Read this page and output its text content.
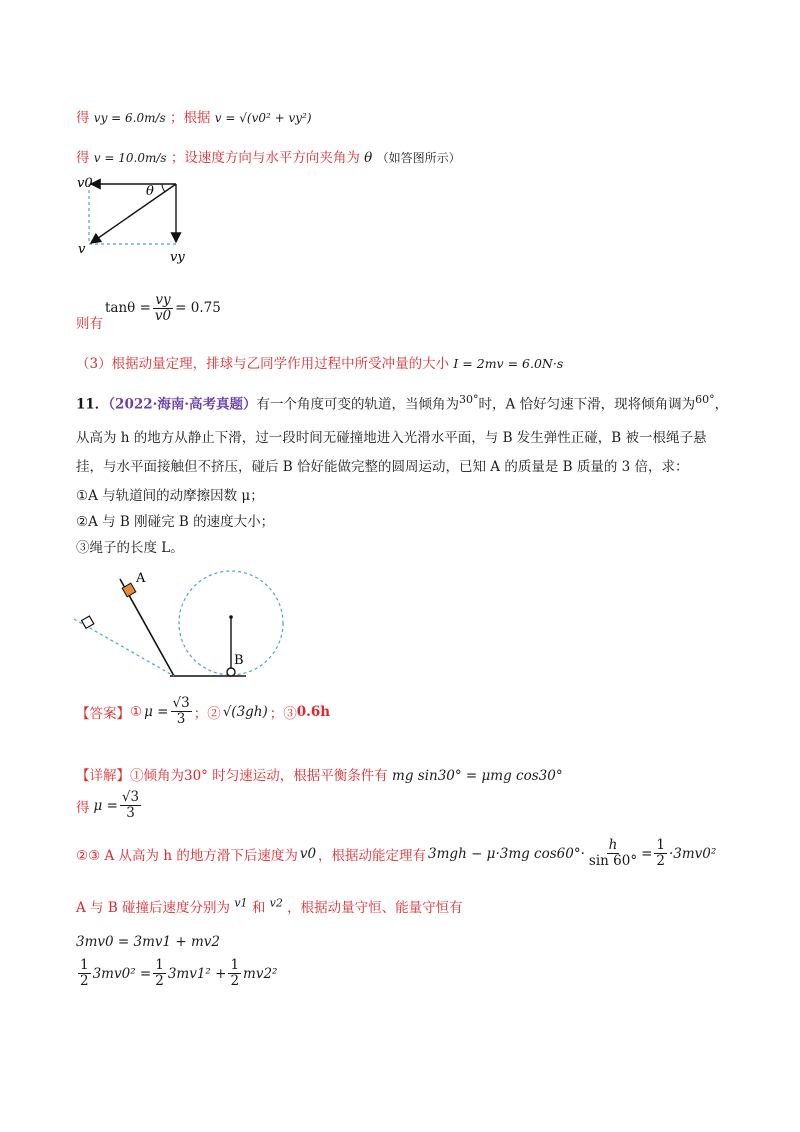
得 vy = 6.0m/s ；根据 v = √(v0² + vy²)
得 v = 10.0m/s ；设速度方向与水平方向夹角为 θ （如答图所示）
v0
θ
v
vy
则有
$\tan\theta = \frac{vy}{v0} = 0.75$
（3）根据动量定理，排球与乙同学作用过程中所受冲量的大小 I = 2mv = 6.0N·s
11．（2022·海南·高考真题）有一个角度可变的轨道，当倾角为$^{30^\circ}$时，A 恰好匀速下滑，现将倾角调为$^{60^\circ}$，
从高为 h 的地方从静止下滑，过一段时间无碰撞地进入光滑水平面，与 B 发生弹性正碰，B 被一根绳子悬
挂，与水平面接触但不挤压，碰后 B 恰好能做完整的圆周运动，已知 A 的质量是 B 质量的 3 倍，求：
①A 与轨道间的动摩擦因数 μ；
②A 与 B 刚碰完 B 的速度大小；
③绳子的长度 L。
A
B
【答案】 ① $\mu = \frac{√3}{3}$ ；② √(3gh) ；③ 0.6h
【详解】①倾角为30° 时匀速运动，根据平衡条件有 mg sin30° = μmg cos30°
得 $\mu = \frac{√3}{3}$
②③ A 从高为 h 的地方滑下后速度为 v0 ，根据动能定理有 3mgh − μ·3mg $\cos 60^\circ\cdot \frac{h}{\sin 60^\circ} = \frac{1}{2} \cdot 3mv0^2$
A 与 B 碰撞后速度分别为 $^{v1}$ 和 $^{v2}$ ，根据动量守恒、能量守恒有
3mv0 = 3mv1 + mv2
$\frac{1}{2} 3mv0^2 = \frac{1}{2} 3mv1^2 + \frac{1}{2} mv2^2$
